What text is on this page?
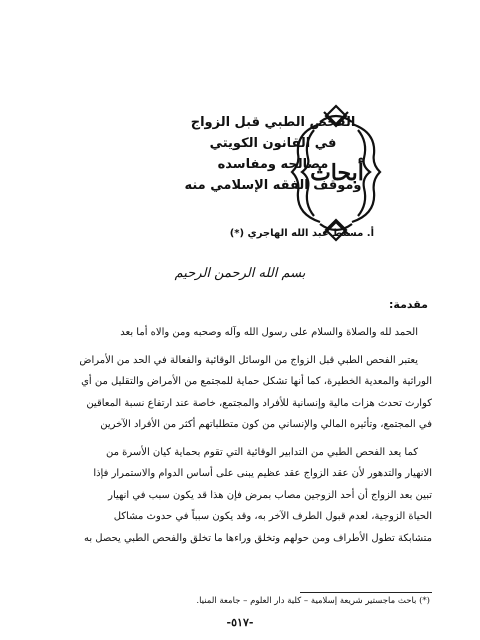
أبحاث
الفحص الطبي قبل الزواج
في القانون الكويتي
مصالحه ومفاسده
وموقف الفقه الإسلامي منه
أ. مسلط عبد الله الهاجري (*)
بسم الله الرحمن الرحيم
مقدمة:
الحمد لله والصلاة والسلام على رسول الله وآله وصحبه ومن والاه أما بعد
يعتبر الفحص الطبي قبل الزواج من الوسائل الوقائية والفعالة في الحد من الأمراض
الوراثية والمعدية الخطيرة، كما أنها تشكل حماية للمجتمع من الأمراض والتقليل من أي
كوارث تحدث هزات مالية وإنسانية للأفراد والمجتمع، خاصة عند ارتفاع نسبة المعاقين
في المجتمع، وتأثيره المالي والإنساني من كون متطلباتهم أكثر من الأفراد الآخرين
كما يعد الفحص الطبي من التدابير الوقائية التي تقوم بحماية كيان الأسرة من
الانهيار والتدهور لأن عقد الزواج عقد عظيم يبنى على أساس الدوام والاستمرار فإذا
تبين بعد الزواج أن أحد الزوجين مصاب بمرض فإن هذا قد يكون سبب في انهيار
الحياة الزوجية، لعدم قبول الطرف الآخر به، وقد يكون سبباً في حدوث مشاكل
متشابكة تطول الأطراف ومن حولهم وتخلق وراءها ما تخلق والفحص الطبي يحصل به
(*) باحث ماجستير شريعة إسلامية – كلية دار العلوم – جامعة المنيا.
-٥١٧-
